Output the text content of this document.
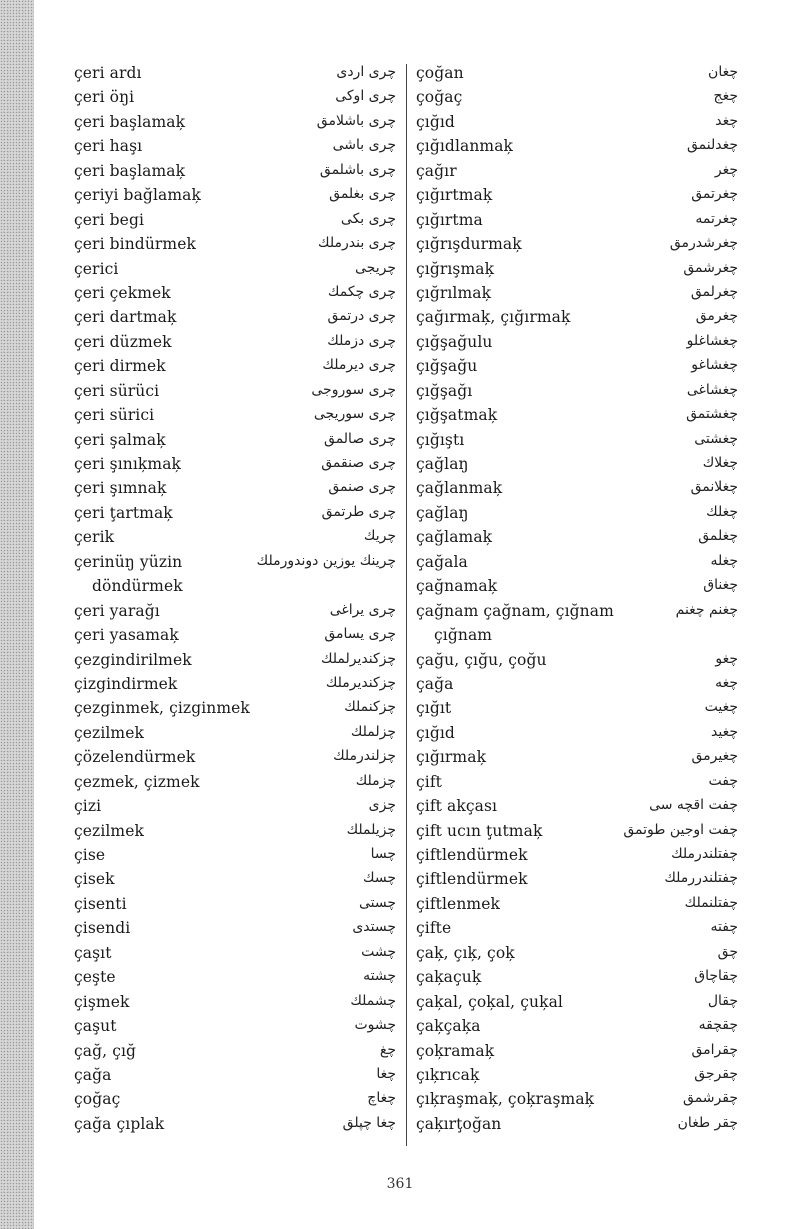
çeri ardı	چری اردی
çeri öŋi	چری اوكی
çeri başlamaķ	چری باشلامق
çeri haşı	چری باشی
çeri başlamaķ	چری باشلمق
çeriyi bağlamaķ	چری بغلمق
çeri begi	چری بکی
çeri bindürmek	چری بندرملك
çerici	چریجی
çeri çekmek	چری چكمك
çeri dartmaķ	چری درتمق
çeri düzmek	چری دزملك
çeri dirmek	چری دیرملك
çeri sürüci	چری سوروجی
çeri sürici	چری سوریجی
çeri şalmaķ	چری صالمق
çeri şınıķmaķ	چری صنقمق
çeri şımnaķ	چری صنمق
çeri ţartmaķ	چری طرتمق
çerik	چریك
çerinüŋ yüzin	چرینك یوزین دوندورملك
döndürmek
çeri yarağı	چری یراغی
çeri yasamaķ	چری یسامق
çezgindirilmek	چزكندیرلملك
çizgindirmek	چزكندیرملك
çezginmek, çizginmek	چزكنملك
çezilmek	چزلملك
çözelendürmek	چزلندرملك
çezmek, çizmek	چزملك
çizi	چزی
çezilmek	چزیلملك
çise	چسا
çisek	چسك
çisenti	چستی
çisendi	چستدی
çaşıt	چشت
çeşte	چشته
çişmek	چشملك
çaşut	چشوت
çağ, çığ	چغ
çağa	چغا
çoğaç	چغاچ
çağa çıplak	چغا چپلق
çoğan	چغان
çoğaç	چغج
çığıd	چغد
çığıdlanmaķ	چغدلنمق
çağır	چغر
çığırtmaķ	چغرتمق
çığırtma	چغرتمه
çığrışdurmaķ	چغرشدرمق
çığrışmaķ	چغرشمق
çığrılmaķ	چغرلمق
çağırmaķ, çığırmaķ	چغرمق
çığşağulu	چغشاغلو
çığşağu	چغشاغو
çığşağı	چغشاغی
çığşatmaķ	چغشتمق
çığıştı	چغشتی
çağlaŋ	چغلاك
çağlanmaķ	چغلانمق
çağlaŋ	چغلك
çağlamaķ	چغلمق
çağala	چغله
çağnamaķ	چغناق
çağnam çağnam, çığnam	چغنم چغنم
çığnam
çağu, çığu, çoğu	چغو
çağa	چغه
çığıt	چغیت
çığıd	چغید
çığırmaķ	چغیرمق
çift	چفت
çift akçası	چفت اقچه سی
çift ucın ţutmaķ	چفت اوجین طوتمق
çiftlendürmek	چفتلندرملك
çiftlendürmek	چفتلندررملك
çiftlenmek	چفتلنملك
çifte	چفته
çaķ, çıķ, çoķ	چق
çaķaçuķ	چقاچاق
çaķal, çoķal, çuķal	چقال
çaķçaķa	چقچقه
çoķramaķ	چقرامق
çıķrıcaķ	چقرجق
çıķraşmaķ, çoķraşmaķ	چقرشمق
çaķırţoğan	چقر طغان
361
